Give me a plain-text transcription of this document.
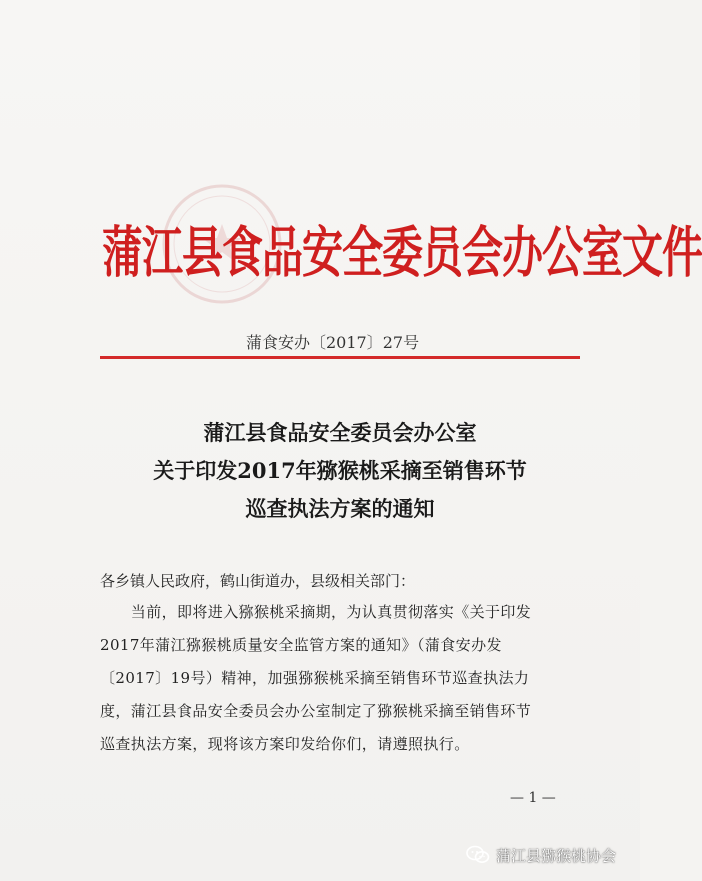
蒲江县食品安全委员会办公室文件
蒲食安办〔2017〕27号
蒲江县食品安全委员会办公室
关于印发2017年猕猴桃采摘至销售环节
巡查执法方案的通知
各乡镇人民政府，鹤山街道办，县级相关部门：
　　当前，即将进入猕猴桃采摘期，为认真贯彻落实《关于印发
2017年蒲江猕猴桃质量安全监管方案的通知》（蒲食安办发
〔2017〕19号）精神，加强猕猴桃采摘至销售环节巡查执法力
度，蒲江县食品安全委员会办公室制定了猕猴桃采摘至销售环节
巡查执法方案，现将该方案印发给你们，请遵照执行。
— 1 —
蒲江县猕猴桃协会
